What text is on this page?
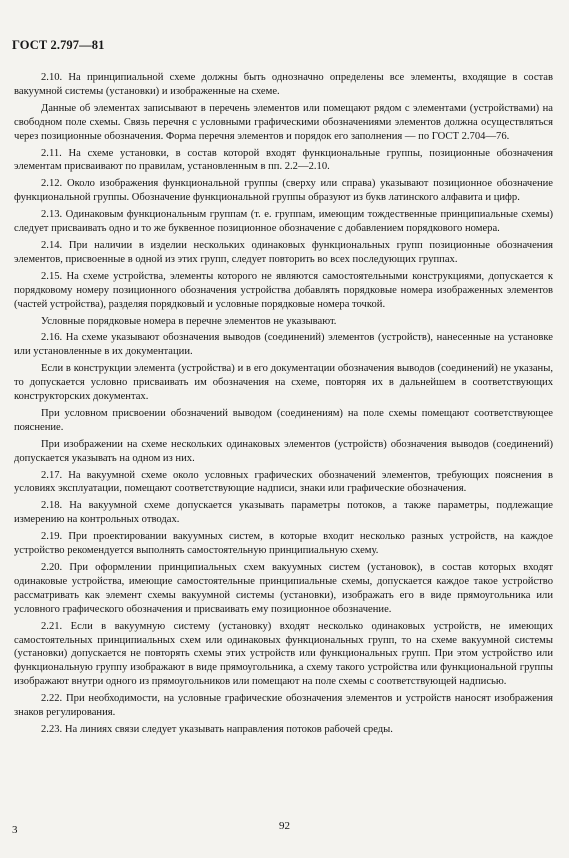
ГОСТ 2.797—81

2.10. На принципиальной схеме должны быть однозначно определены все элементы, входящие в состав вакуумной системы (установки) и изображенные на схеме.

Данные об элементах записывают в перечень элементов или помещают рядом с элементами (устройствами) на свободном поле схемы. Связь перечня с условными графическими обозначениями элементов должна осуществляться через позиционные обозначения. Форма перечня элементов и порядок его заполнения — по ГОСТ 2.704—76.

2.11. На схеме установки, в состав которой входят функциональные группы, позиционные обозначения элементам присваивают по правилам, установленным в пп. 2.2—2.10.

2.12. Около изображения функциональной группы (сверху или справа) указывают позиционное обозначение функциональной группы. Обозначение функциональной группы образуют из букв латинского алфавита и цифр.

2.13. Одинаковым функциональным группам (т. е. группам, имеющим тождественные принципиальные схемы) следует присваивать одно и то же буквенное позиционное обозначение с добавлением порядкового номера.

2.14. При наличии в изделии нескольких одинаковых функциональных групп позиционные обозначения элементов, присвоенные в одной из этих групп, следует повторить во всех последующих группах.

2.15. На схеме устройства, элементы которого не являются самостоятельными конструкциями, допускается к порядковому номеру позиционного обозначения устройства добавлять порядковые номера изображенных элементов (частей устройства), разделяя порядковый и условные порядковые номера точкой.

Условные порядковые номера в перечне элементов не указывают.

2.16. На схеме указывают обозначения выводов (соединений) элементов (устройств), нанесенные на установке или установленные в их документации.

Если в конструкции элемента (устройства) и в его документации обозначения выводов (соединений) не указаны, то допускается условно присваивать им обозначения на схеме, повторяя их в дальнейшем в соответствующих конструкторских документах.

При условном присвоении обозначений выводом (соединениям) на поле схемы помещают соответствующее пояснение.

При изображении на схеме нескольких одинаковых элементов (устройств) обозначения выводов (соединений) допускается указывать на одном из них.

2.17. На вакуумной схеме около условных графических обозначений элементов, требующих пояснения в условиях эксплуатации, помещают соответствующие надписи, знаки или графические обозначения.

2.18. На вакуумной схеме допускается указывать параметры потоков, а также параметры, подлежащие измерению на контрольных отводах.

2.19. При проектировании вакуумных систем, в которые входит несколько разных устройств, на каждое устройство рекомендуется выполнять самостоятельную принципиальную схему.

2.20. При оформлении принципиальных схем вакуумных систем (установок), в состав которых входят одинаковые устройства, имеющие самостоятельные принципиальные схемы, допускается каждое такое устройство рассматривать как элемент схемы вакуумной системы (установки), изображать его в виде прямоугольника или условного графического обозначения и присваивать ему позиционное обозначение.

2.21. Если в вакуумную систему (установку) входят несколько одинаковых устройств, не имеющих самостоятельных принципиальных схем или одинаковых функциональных групп, то на схеме вакуумной системы (установки) допускается не повторять схемы этих устройств или функциональных групп. При этом устройство или функциональную группу изображают в виде прямоугольника, а схему такого устройства или функциональной группы изображают внутри одного из прямоугольников или помещают на поле схемы с соответствующей надписью.

2.22. При необходимости, на условные графические обозначения элементов и устройств наносят изображения знаков регулирования.

2.23. На линиях связи следует указывать направления потоков рабочей среды.

3	92
